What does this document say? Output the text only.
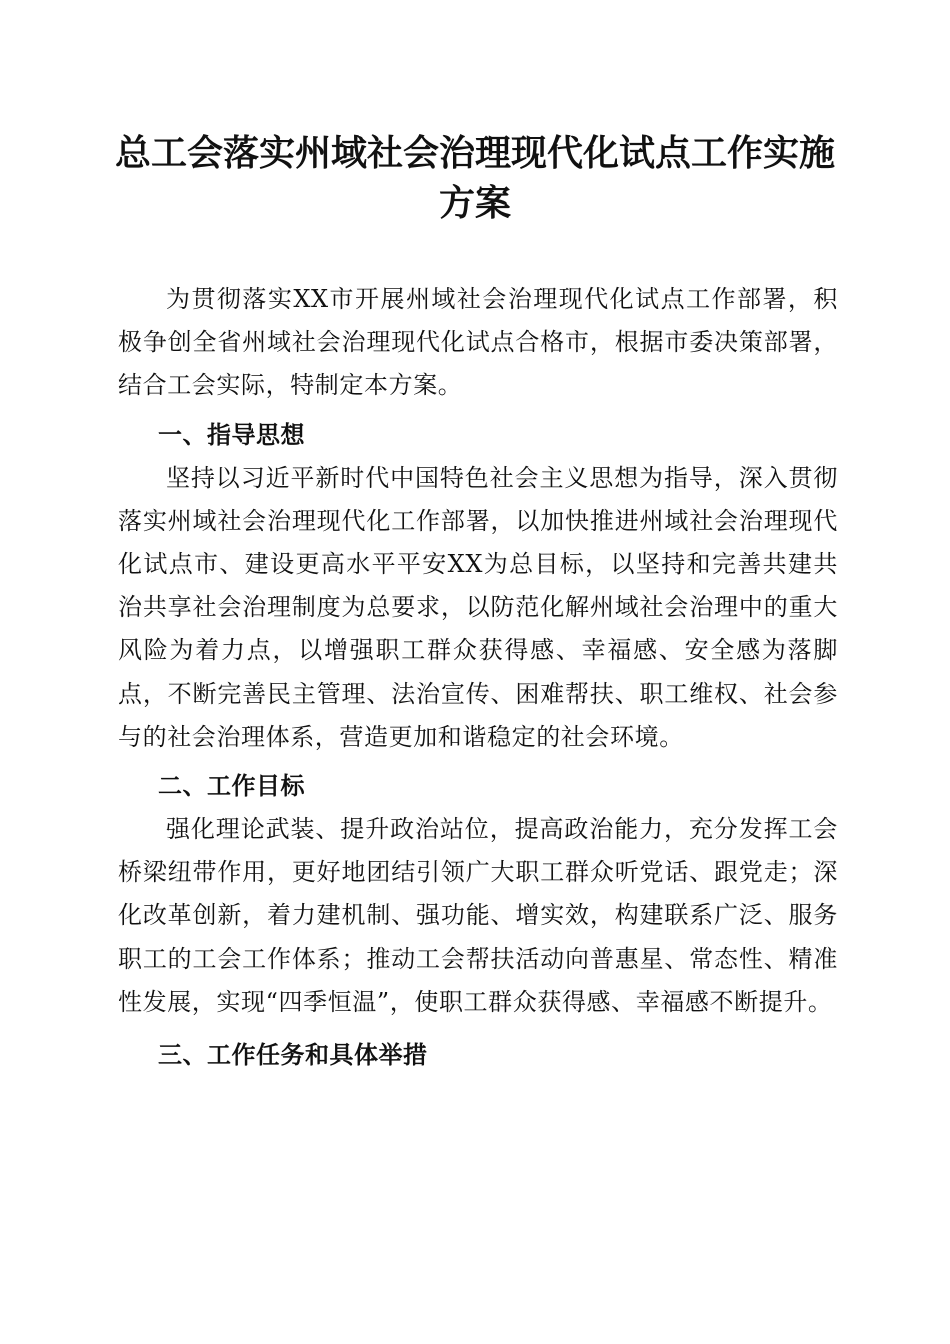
总工会落实州域社会治理现代化试点工作实施
方案

为贯彻落实XX市开展州域社会治理现代化试点工作部署，积极争创全省州域社会治理现代化试点合格市，根据市委决策部署，结合工会实际，特制定本方案。

一、指导思想

坚持以习近平新时代中国特色社会主义思想为指导，深入贯彻落实州域社会治理现代化工作部署，以加快推进州域社会治理现代化试点市、建设更高水平平安XX为总目标，以坚持和完善共建共治共享社会治理制度为总要求，以防范化解州域社会治理中的重大风险为着力点，以增强职工群众获得感、幸福感、安全感为落脚点，不断完善民主管理、法治宣传、困难帮扶、职工维权、社会参与的社会治理体系，营造更加和谐稳定的社会环境。

二、工作目标

强化理论武装、提升政治站位，提高政治能力，充分发挥工会桥梁纽带作用，更好地团结引领广大职工群众听党话、跟党走；深化改革创新，着力建机制、强功能、增实效，构建联系广泛、服务职工的工会工作体系；推动工会帮扶活动向普惠星、常态性、精准性发展，实现“四季恒温”，使职工群众获得感、幸福感不断提升。

三、工作任务和具体举措
